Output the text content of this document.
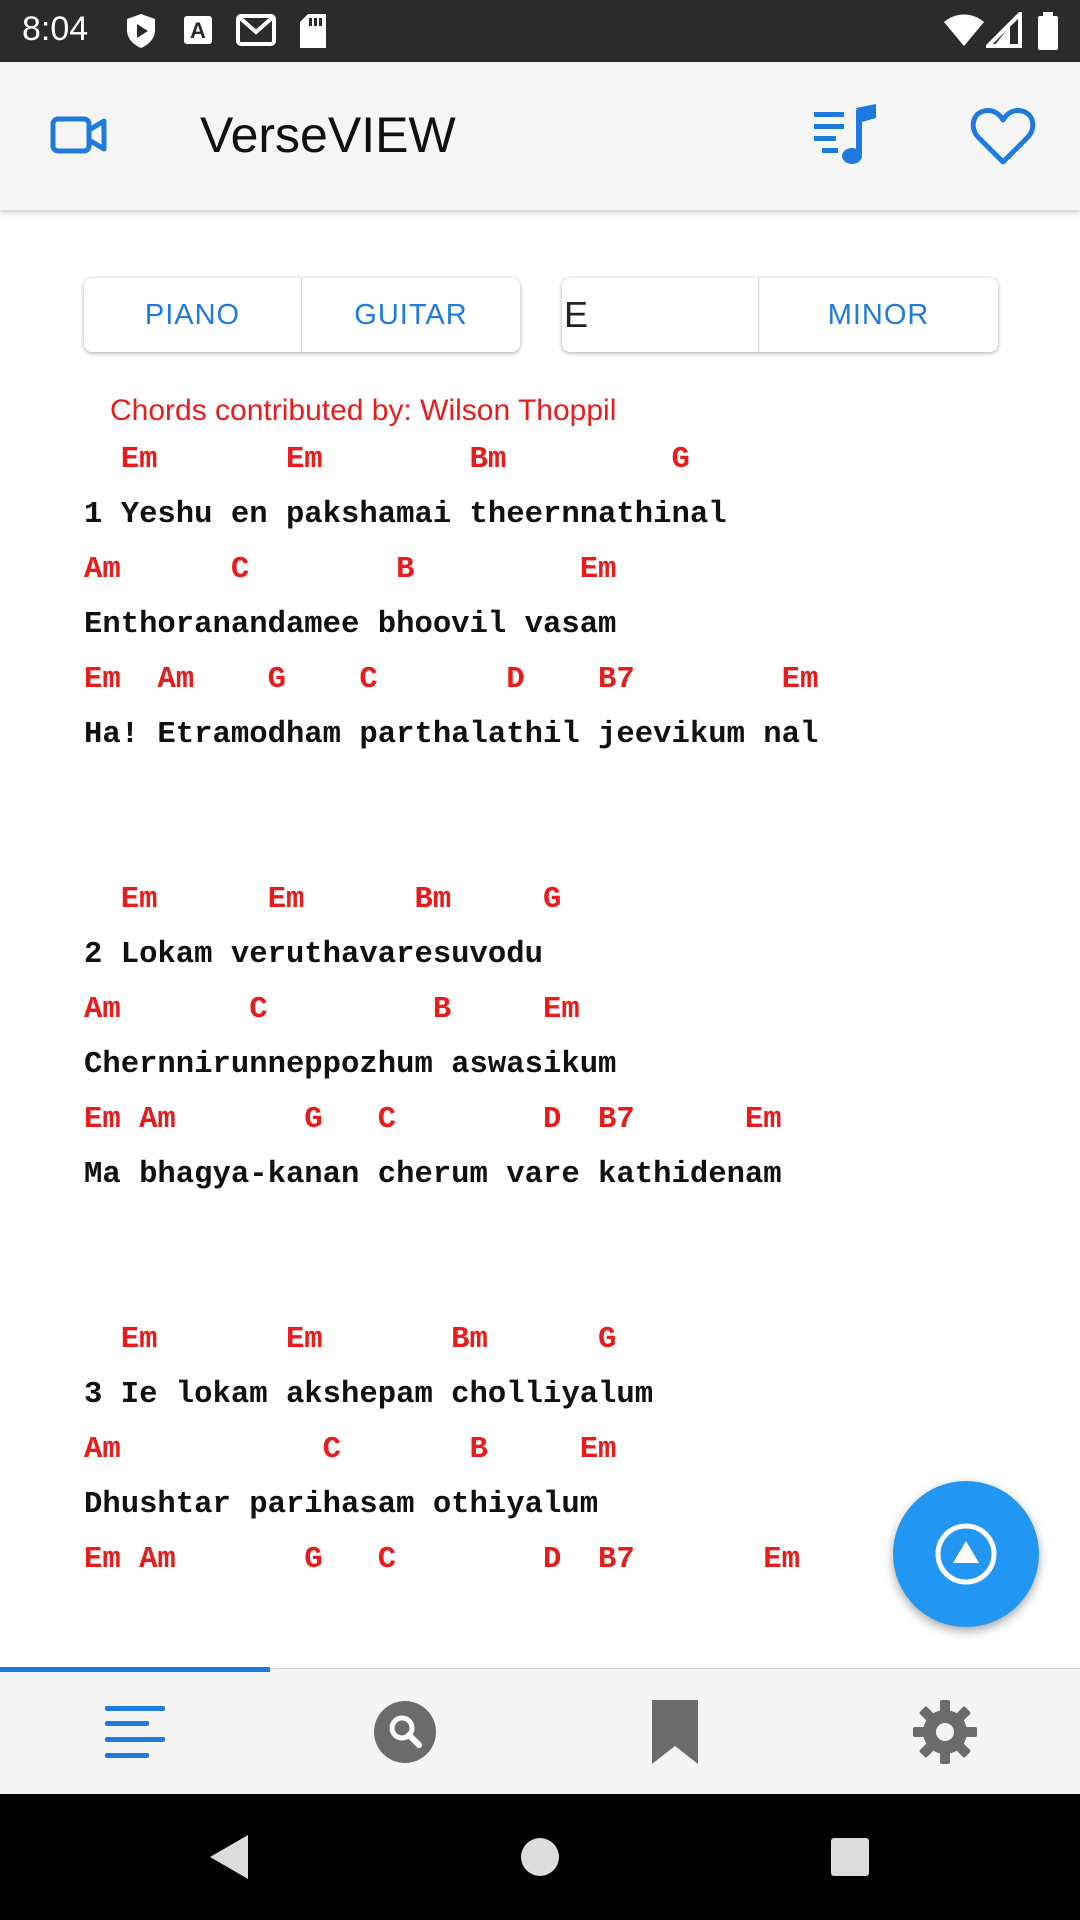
8:04	A
VerseVIEW
PIANO	GUITAR	E	MINOR
Chords contributed by: Wilson Thoppil
Em       Em        Bm         G
1 Yeshu en pakshamai theernnathinal
Am      C        B         Em
Enthoranandamee bhoovil vasam
Em  Am    G    C       D    B7        Em
Ha! Etramodham parthalathil jeevikum nal
Em      Em      Bm     G
2 Lokam veruthavaresuvodu
Am       C         B     Em
Chernnirunneppozhum aswasikum
Em Am       G   C        D  B7      Em
Ma bhagya-kanan cherum vare kathidenam
Em       Em       Bm      G
3 Ie lokam akshepam cholliyalum
Am           C       B     Em
Dhushtar parihasam othiyalum
Em Am       G   C        D  B7       Em
